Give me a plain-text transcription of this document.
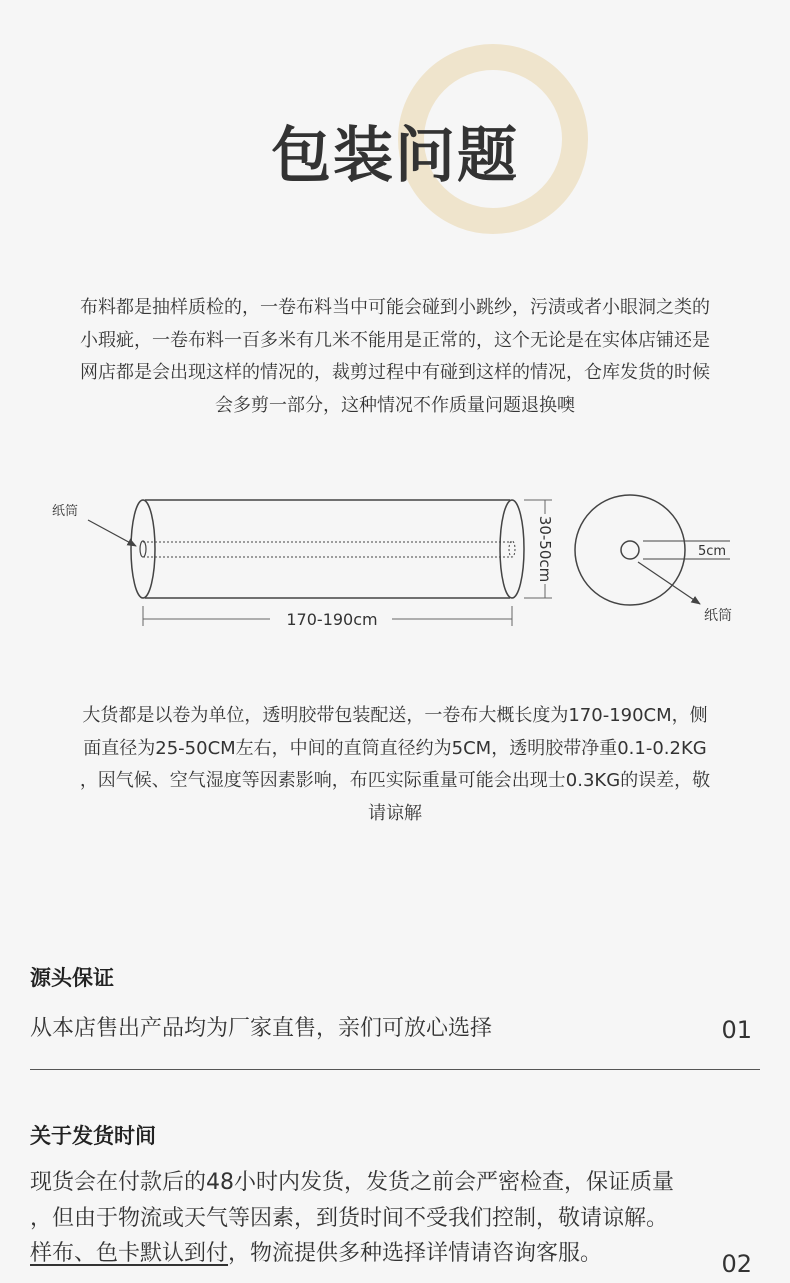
包装问题
布料都是抽样质检的，一卷布料当中可能会碰到小跳纱，污渍或者小眼洞之类的
小瑕疵，一卷布料一百多米有几米不能用是正常的，这个无论是在实体店铺还是
网店都是会出现这样的情况的，裁剪过程中有碰到这样的情况，仓库发货的时候
会多剪一部分，这种情况不作质量问题退换噢
纸筒
170-190cm
30-50cm	5cm
纸筒
大货都是以卷为单位，透明胶带包装配送，一卷布大概长度为170-190CM，侧
面直径为25-50CM左右，中间的直筒直径约为5CM，透明胶带净重0.1-0.2KG
，因气候、空气湿度等因素影响，布匹实际重量可能会出现士0.3KG的误差，敬
请谅解
源头保证
从本店售出产品均为厂家直售，亲们可放心选择	01
关于发货时间
现货会在付款后的48小时内发货，发货之前会严密检查，保证质量
，但由于物流或天气等因素，到货时间不受我们控制，敬请谅解。
样布、色卡默认到付，物流提供多种选择详情请咨询客服。	02
